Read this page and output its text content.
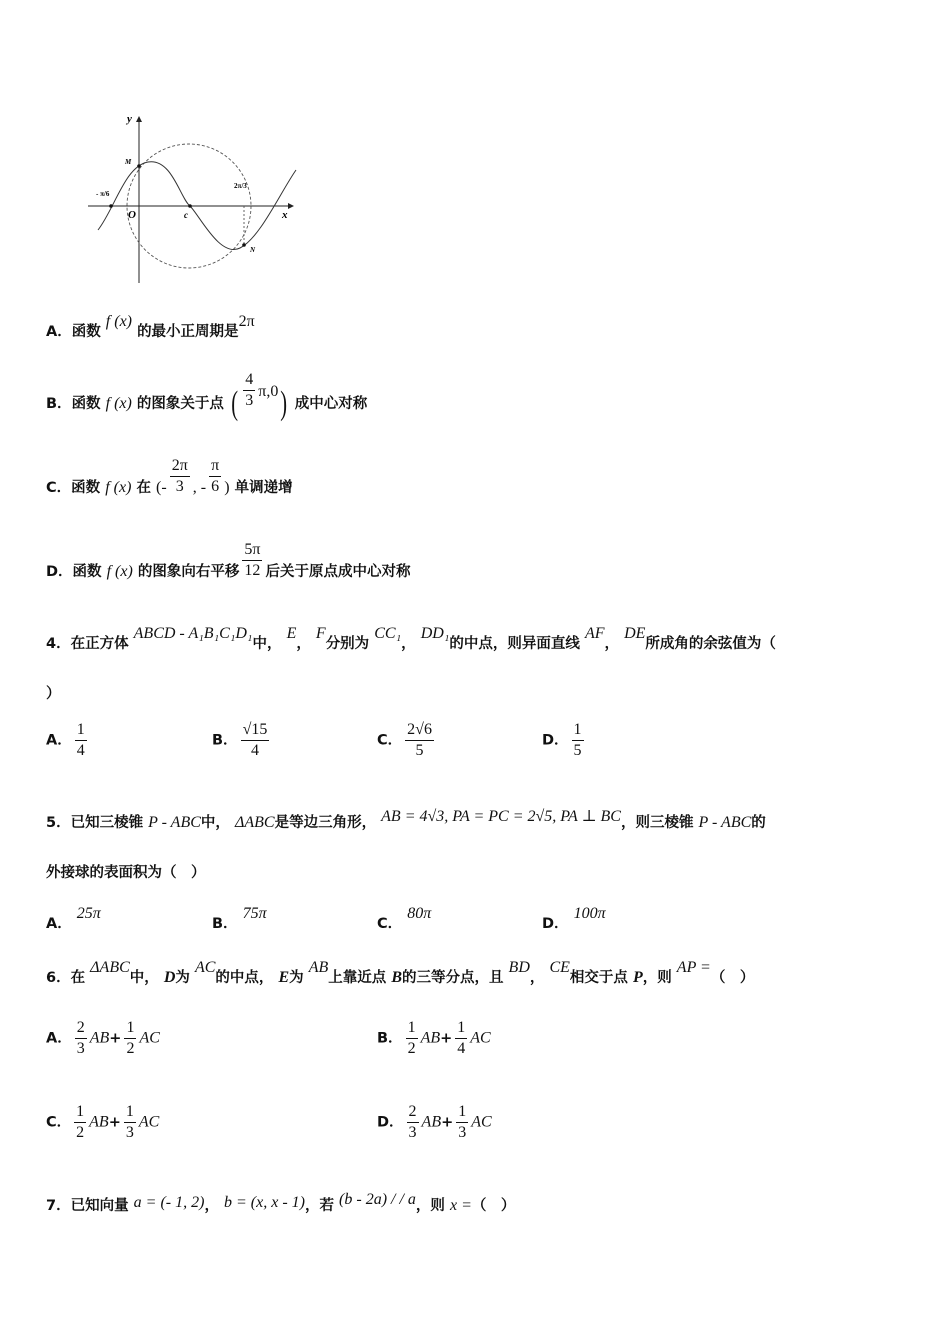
y
x
O
M
N
c
- π/6
2π/3
A．函数 f (x) 的最小正周期是2π
B．函数 f (x) 的图象关于点 ( $\frac{4}{3} \pi,0$) 成中心对称
C．函数 f (x) 在 (- $\frac{2\pi}{3}$ , - $\frac{\pi}{6}$ ) 单调递增
D．函数 f (x) 的图象向右平移 $\frac{5\pi}{12}$ 后关于原点成中心对称
4．在正方体 ABCD - A₁B₁C₁D₁中， E， F分别为 CC₁， DD₁的中点，则异面直线 AF， DE所成角的余弦值为（
）
A． $\frac{1}{4}$	B． $\frac{√15}{4}$	C． $\frac{2√6}{5}$	D． $\frac{1}{5}$
5．已知三棱锥 P - ABC中， ΔABC是等边三角形， AB = 4√3, PA = PC = 2√5, PA ⊥ BC，则三棱锥 P - ABC的
外接球的表面积为（　）
A． 25π
B． 75π
C． 80π
D． 100π
6．在 ΔABC中， D为 AC的中点， E为 AB上靠近点 B的三等分点，且 BD， CE相交于点 P，则 AP =（　）
A． $\frac{2}{3} AB+ \frac{1}{2}$ AC	B． $\frac{1}{2} AB+ \frac{1}{4}$ AC
C． $\frac{1}{2} AB+ \frac{1}{3}$ AC	D． $\frac{2}{3} AB+ \frac{1}{3}$ AC
7．已知向量 a = (- 1, 2)， b = (x, x - 1)，若 (b - 2a) / / a，则 x =（　）
